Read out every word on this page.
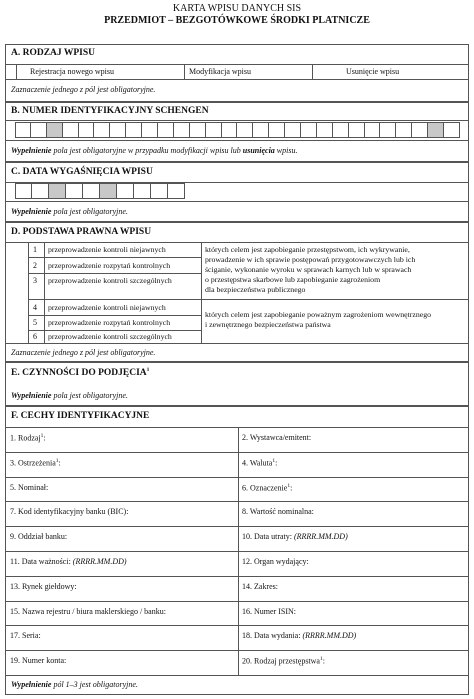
KARTA WPISU DANYCH SIS
PRZEDMIOT – BEZGOTÓWKOWE ŚRODKI PLATNICZE
A. RODZAJ WPISU
Rejestracja nowego wpisu	Modyfikacja wpisu	Usunięcie wpisu
Zaznaczenie jednego z pól jest obligatoryjne.
B. NUMER IDENTYFIKACYJNY SCHENGEN
Wypełnienie pola jest obligatoryjne w przypadku modyfikacji wpisu lub usunięcia wpisu.
C. DATA WYGAŚNIĘCIA WPISU
Wypełnienie pola jest obligatoryjne.
D. PODSTAWA PRAWNA WPISU
1 przeprowadzenie kontroli niejawnych
2 przeprowadzenie rozpytań kontrolnych
3 przeprowadzenie kontroli szczególnych
4 przeprowadzenie kontroli niejawnych
5 przeprowadzenie rozpytań kontrolnych
6 przeprowadzenie kontroli szczególnych
których celem jest zapobieganie przestępstwom, ich wykrywanie,
prowadzenie w ich sprawie postępowań przygotowawczych lub ich
ściganie, wykonanie wyroku w sprawach karnych lub w sprawach
o przestępstwa skarbowe lub zapobieganie zagrożeniom
dla bezpieczeństwa publicznego
których celem jest zapobieganie poważnym zagrożeniom wewnętrznego
i zewnętrznego bezpieczeństwa państwa
Zaznaczenie jednego z pól jest obligatoryjne.
E. CZYNNOŚCI DO PODJĘCIA$^1$
Wypełnienie pola jest obligatoryjne.
F. CECHY IDENTYFIKACYJNE
1. Rodzaj$^1$:	2. Wystawca/emitent:
3. Ostrzeżenia$^1$:	4. Waluta$^1$:
5. Nominał:	6. Oznaczenie$^1$:
7. Kod identyfikacyjny banku (BIC):	8. Wartość nominalna:
9. Oddział banku:	10. Data utraty: (RRRR.MM.DD)
11. Data ważności: (RRRR.MM.DD)	12. Organ wydający:
13. Rynek giełdowy:	14. Zakres:
15. Nazwa rejestru / biura maklerskiego / banku:	16. Numer ISIN:
17. Seria:	18. Data wydania: (RRRR.MM.DD)
19. Numer konta:	20. Rodzaj przestępstwa$^1$:
Wypełnienie pól 1–3 jest obligatoryjne.
